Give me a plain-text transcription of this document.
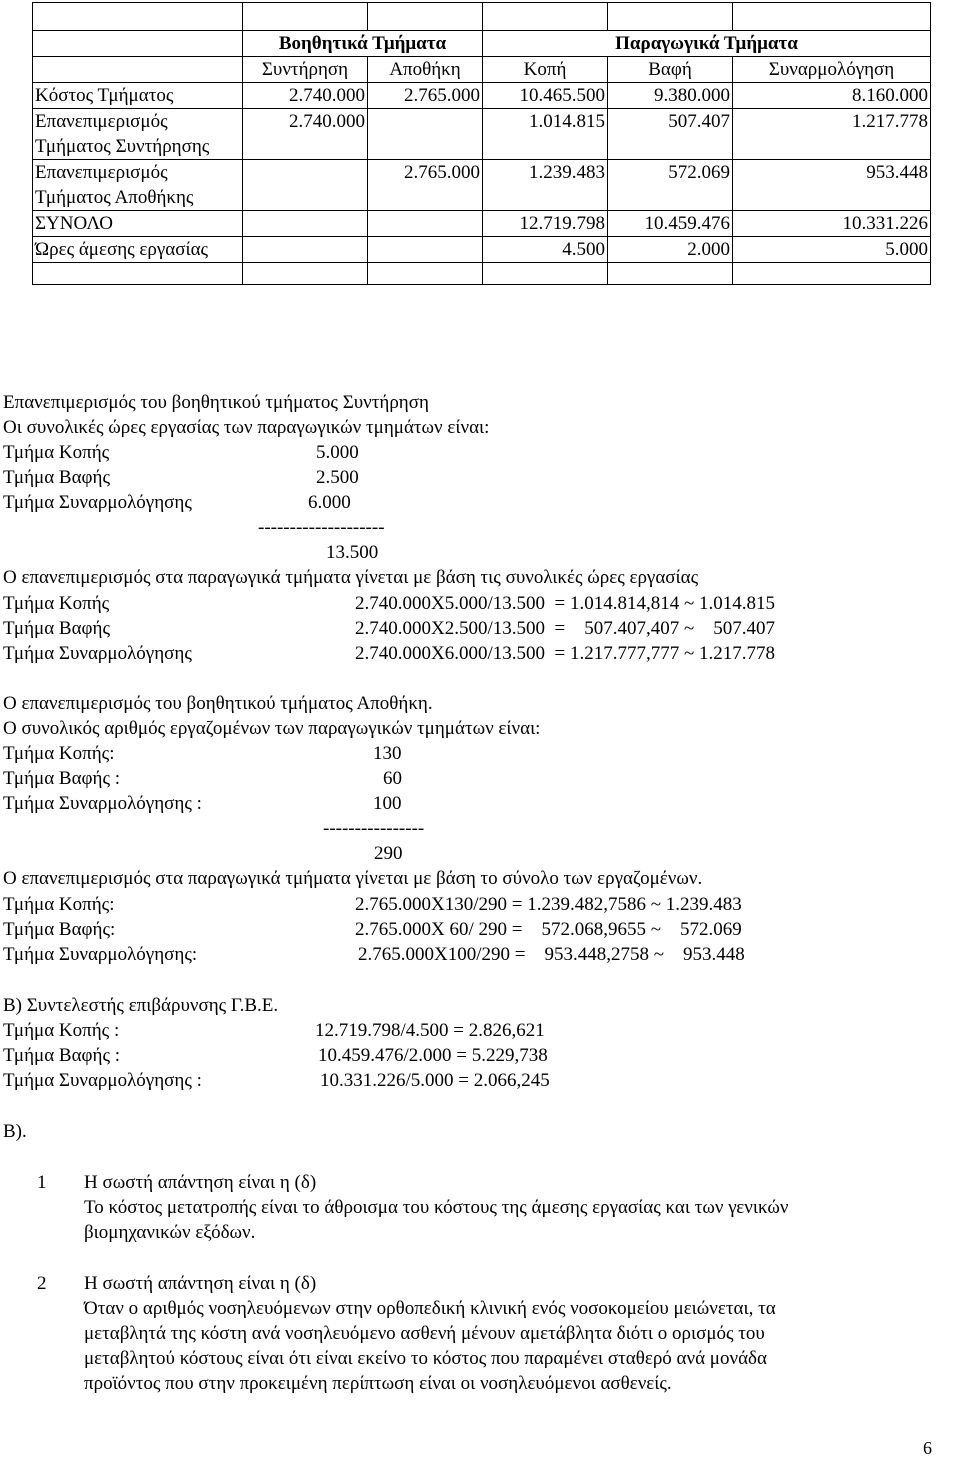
	Βοηθητικά Τμήματα		Παραγωγικά Τμήματα		
	Συντήρηση	Αποθήκη	Κοπή	Βαφή	Συναρμολόγηση
Κόστος Τμήματος	2.740.000	2.765.000	10.465.500	9.380.000	8.160.000
Επανεπιμερισμός Τμήματος Συντήρησης	2.740.000		1.014.815	507.407	1.217.778
Επανεπιμερισμός Τμήματος Αποθήκης		2.765.000	1.239.483	572.069	953.448
ΣΥΝΟΛΟ			12.719.798	10.459.476	10.331.226
Ώρες άμεσης εργασίας			4.500	2.000	5.000

Επανεπιμερισμός του βοηθητικού τμήματος Συντήρηση
Οι συνολικές ώρες εργασίας των παραγωγικών τμημάτων είναι:
Τμήμα Κοπής	5.000
Τμήμα Βαφής	2.500
Τμήμα Συναρμολόγησης	6.000
--------------------
13.500
Ο επανεπιμερισμός στα παραγωγικά τμήματα γίνεται με βάση τις συνολικές ώρες εργασίας
Τμήμα Κοπής	2.740.000Χ5.000/13.500  = 1.014.814,814 ~ 1.014.815
Τμήμα Βαφής	2.740.000Χ2.500/13.500  =    507.407,407 ~    507.407
Τμήμα Συναρμολόγησης	2.740.000Χ6.000/13.500  = 1.217.777,777 ~ 1.217.778
Ο επανεπιμερισμός του βοηθητικού τμήματος Αποθήκη.
Ο συνολικός αριθμός εργαζομένων των παραγωγικών τμημάτων είναι:
Τμήμα Κοπής:	130
Τμήμα Βαφής :	60
Τμήμα Συναρμολόγησης :	100
----------------
290
Ο επανεπιμερισμός στα παραγωγικά τμήματα γίνεται με βάση το σύνολο των εργαζομένων.
Τμήμα Κοπής:	2.765.000Χ130/290 = 1.239.482,7586 ~ 1.239.483
Τμήμα Βαφής:	2.765.000Χ 60/ 290 =    572.068,9655 ~    572.069
Τμήμα Συναρμολόγησης:	2.765.000Χ100/290 =    953.448,2758 ~    953.448
Β) Συντελεστής επιβάρυνσης Γ.Β.Ε.
Τμήμα Κοπής :	12.719.798/4.500 = 2.826,621
Τμήμα Βαφής :	10.459.476/2.000 = 5.229,738
Τμήμα Συναρμολόγησης :	10.331.226/5.000 = 2.066,245
Β).
1 Η σωστή απάντηση είναι η (δ)
Το κόστος μετατροπής είναι το άθροισμα του κόστους της άμεσης εργασίας και των γενικών
βιομηχανικών εξόδων.
2 Η σωστή απάντηση είναι η (δ)
Όταν ο αριθμός νοσηλευόμενων στην ορθοπεδική κλινική ενός νοσοκομείου μειώνεται, τα
μεταβλητά της κόστη ανά νοσηλευόμενο ασθενή μένουν αμετάβλητα διότι ο ορισμός του
μεταβλητού κόστους είναι ότι είναι εκείνο το κόστος που παραμένει σταθερό ανά μονάδα
προϊόντος που στην προκειμένη περίπτωση είναι οι νοσηλευόμενοι ασθενείς.
6
